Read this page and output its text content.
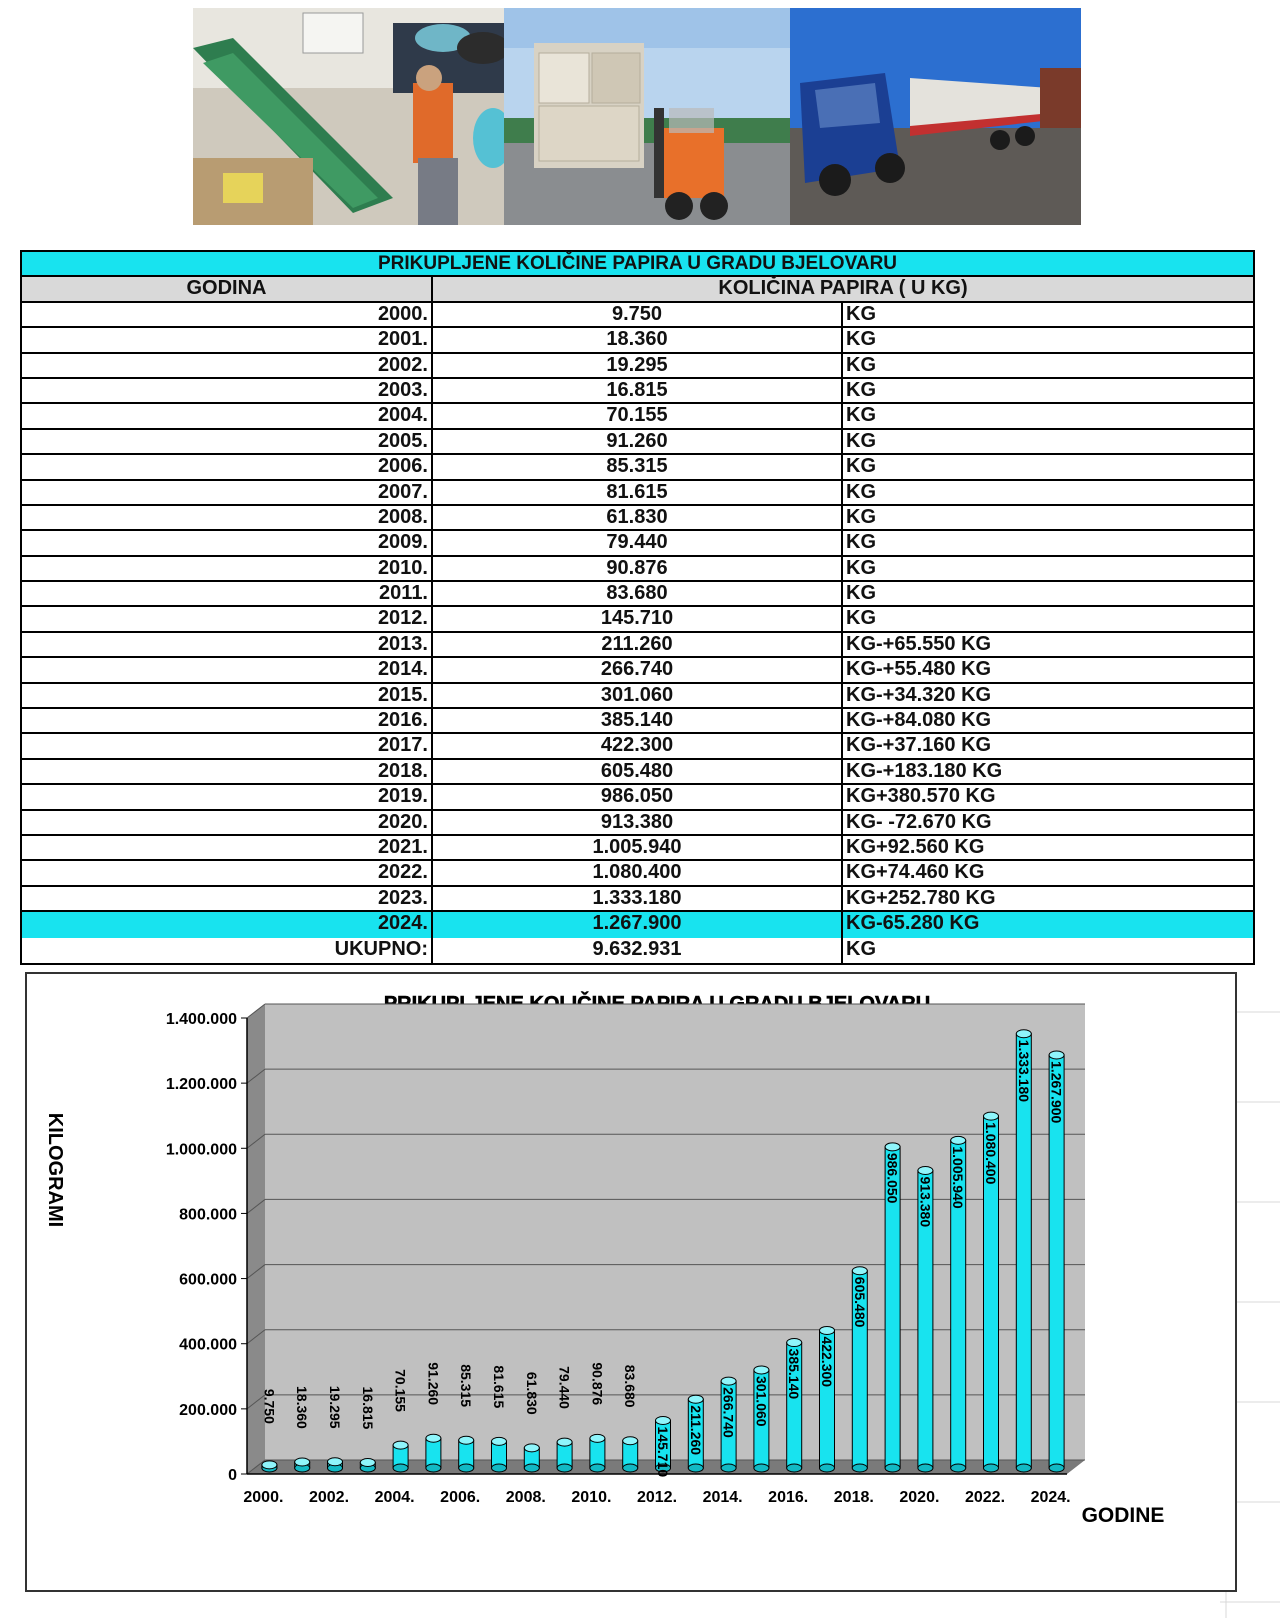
PRIKUPLJENE KOLIČINE PAPIRA U GRADU BJELOVARU
GODINA	KOLIČINA PAPIRA ( U KG)
2000.	9.750	KG
2001.	18.360	KG
2002.	19.295	KG
2003.	16.815	KG
2004.	70.155	KG
2005.	91.260	KG
2006.	85.315	KG
2007.	81.615	KG
2008.	61.830	KG
2009.	79.440	KG
2010.	90.876	KG
2011.	83.680	KG
2012.	145.710	KG
2013.	211.260	KG-+65.550 KG
2014.	266.740	KG-+55.480 KG
2015.	301.060	KG-+34.320 KG
2016.	385.140	KG-+84.080 KG
2017.	422.300	KG-+37.160 KG
2018.	605.480	KG-+183.180 KG
2019.	986.050	KG+380.570 KG
2020.	913.380	KG- -72.670 KG
2021.	1.005.940	KG+92.560 KG
2022.	1.080.400	KG+74.460 KG
2023.	1.333.180	KG+252.780 KG
2024.	1.267.900	KG-65.280 KG
UKUPNO:	9.632.931	KG
0
200.000
400.000
600.000
800.000
1.000.000
1.200.000
1.400.000
KILOGRAMI
GODINE
9.750
2000.
18.360 19.295
2002.
16.815 70.155
2004.
91.260 85.315
2006.
81.615 61.830
2008.
79.440 90.876
2010.
83.680
145.710
2012.
211.260 266.740
2014.
301.060
385.140
2016.
422.300
605.480
2018.
986.050 913.380
2020.
1.005.940 1.080.400
2022.
1.333.180 1.267.900
2024.
